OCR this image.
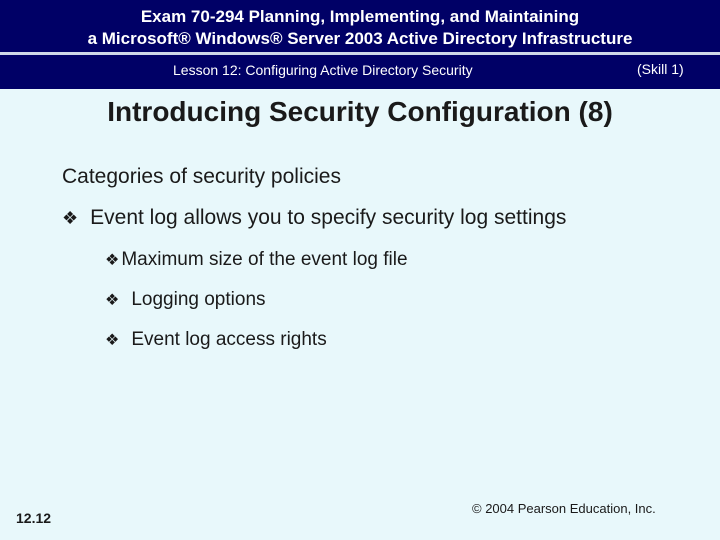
Exam 70-294 Planning, Implementing, and Maintaining
a Microsoft® Windows® Server 2003 Active Directory Infrastructure
Lesson 12: Configuring Active Directory Security	(Skill 1)
Introducing Security Configuration (8)
Categories of security policies
❖ Event log allows you to specify security log settings
❖ Maximum size of the event log file
❖ Logging options
❖ Event log access rights
12.12
© 2004 Pearson Education, Inc.
